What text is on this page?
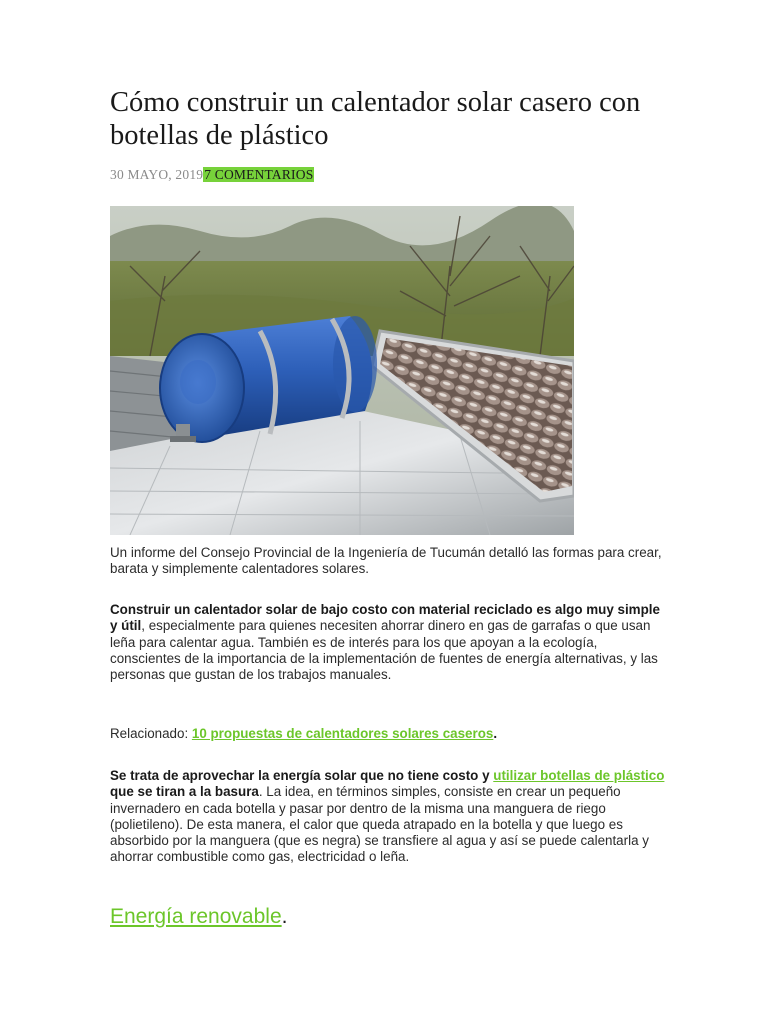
Cómo construir un calentador solar casero con botellas de plástico
30 MAYO, 20197 COMENTARIOS

Un informe del Consejo Provincial de la Ingeniería de Tucumán detalló las formas para crear, barata y simplemente calentadores solares.

Construir un calentador solar de bajo costo con material reciclado es algo muy simple y útil, especialmente para quienes necesiten ahorrar dinero en gas de garrafas o que usan leña para calentar agua. También es de interés para los que apoyan a la ecología, conscientes de la importancia de la implementación de fuentes de energía alternativas, y las personas que gustan de los trabajos manuales.

Relacionado: 10 propuestas de calentadores solares caseros.

Se trata de aprovechar la energía solar que no tiene costo y utilizar botellas de plástico que se tiran a la basura. La idea, en términos simples, consiste en crear un pequeño invernadero en cada botella y pasar por dentro de la misma una manguera de riego (polietileno). De esta manera, el calor que queda atrapado en la botella y que luego es absorbido por la manguera (que es negra) se transfiere al agua y así se puede calentarla y ahorrar combustible como gas, electricidad o leña.

Energía renovable.
